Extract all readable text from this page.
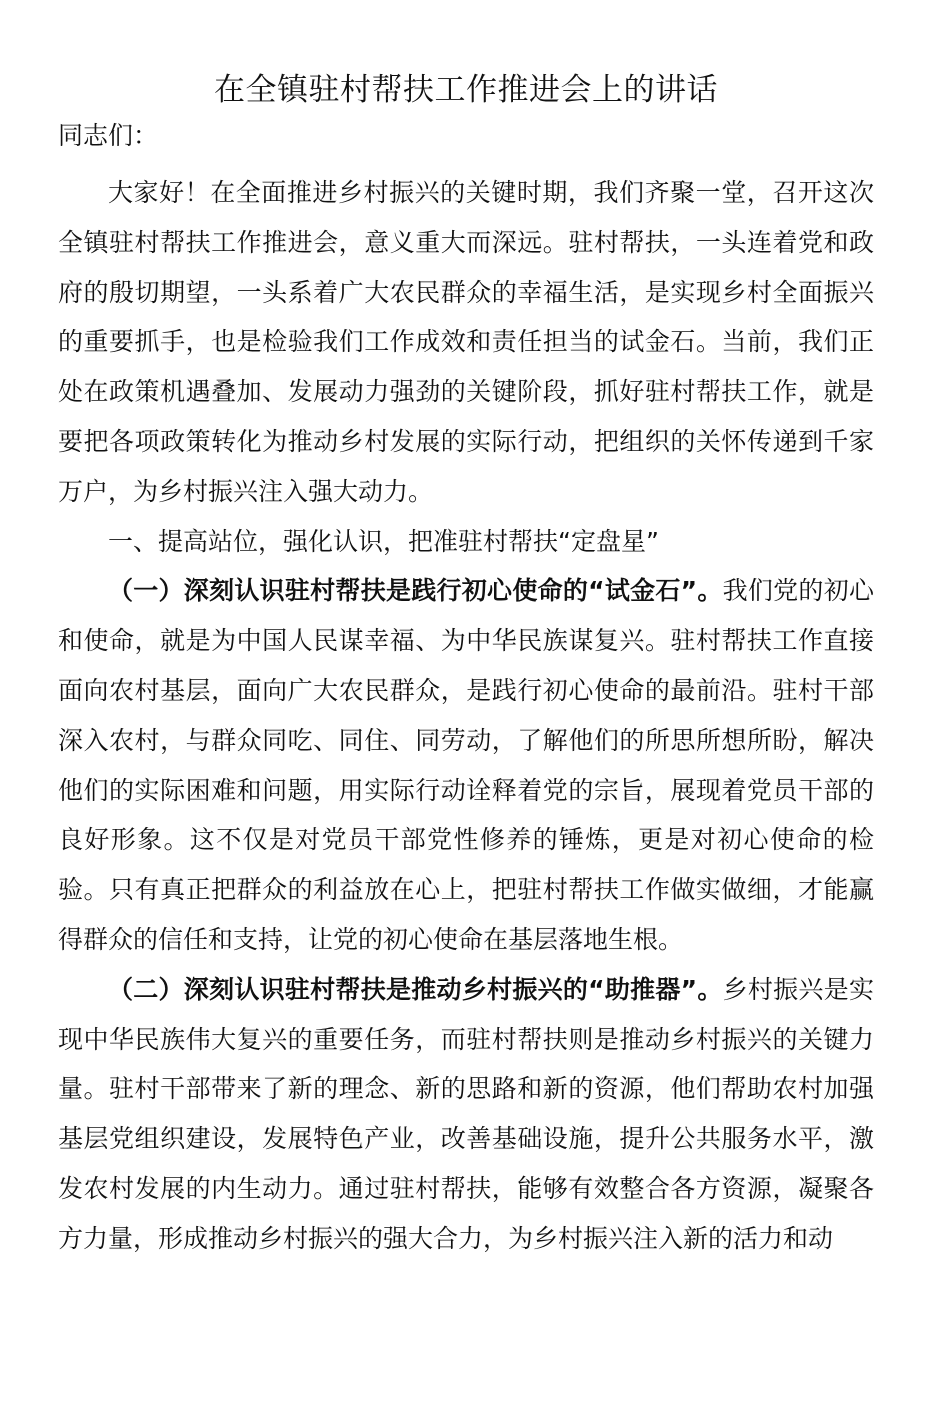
在全镇驻村帮扶工作推进会上的讲话

同志们：

大家好！在全面推进乡村振兴的关键时期，我们齐聚一堂，召开这次全镇驻村帮扶工作推进会，意义重大而深远。驻村帮扶，一头连着党和政府的殷切期望，一头系着广大农民群众的幸福生活，是实现乡村全面振兴的重要抓手，也是检验我们工作成效和责任担当的试金石。当前，我们正处在政策机遇叠加、发展动力强劲的关键阶段，抓好驻村帮扶工作，就是要把各项政策转化为推动乡村发展的实际行动，把组织的关怀传递到千家万户，为乡村振兴注入强大动力。

一、提高站位，强化认识，把准驻村帮扶“定盘星”

（一）深刻认识驻村帮扶是践行初心使命的“试金石”。我们党的初心和使命，就是为中国人民谋幸福、为中华民族谋复兴。驻村帮扶工作直接面向农村基层，面向广大农民群众，是践行初心使命的最前沿。驻村干部深入农村，与群众同吃、同住、同劳动，了解他们的所思所想所盼，解决他们的实际困难和问题，用实际行动诠释着党的宗旨，展现着党员干部的良好形象。这不仅是对党员干部党性修养的锤炼，更是对初心使命的检验。只有真正把群众的利益放在心上，把驻村帮扶工作做实做细，才能赢得群众的信任和支持，让党的初心使命在基层落地生根。

（二）深刻认识驻村帮扶是推动乡村振兴的“助推器”。乡村振兴是实现中华民族伟大复兴的重要任务，而驻村帮扶则是推动乡村振兴的关键力量。驻村干部带来了新的理念、新的思路和新的资源，他们帮助农村加强基层党组织建设，发展特色产业，改善基础设施，提升公共服务水平，激发农村发展的内生动力。通过驻村帮扶，能够有效整合各方资源，凝聚各方力量，形成推动乡村振兴的强大合力，为乡村振兴注入新的活力和动
